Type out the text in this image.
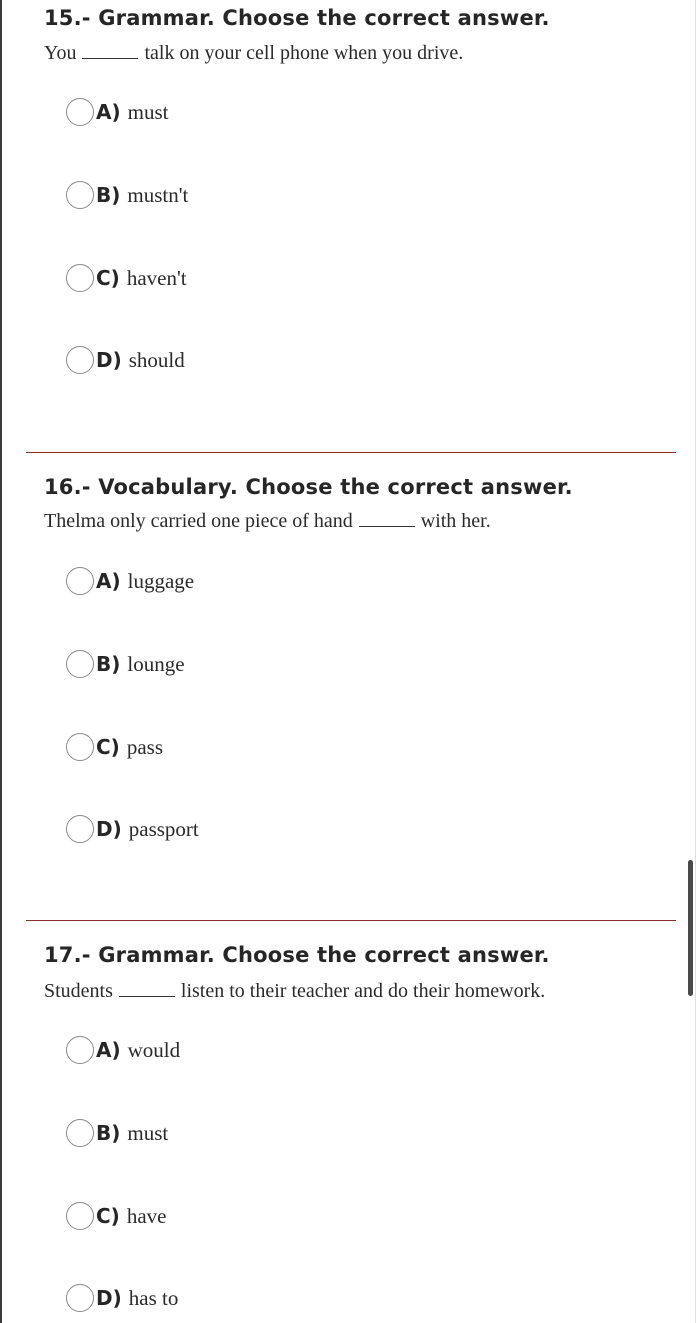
15.- Grammar. Choose the correct answer.

You	talk on your cell phone when you drive.

A) must
B) mustn't
C) haven't
D) should
16.- Vocabulary. Choose the correct answer.

Thelma only carried one piece of hand	with her.

A) luggage
B) lounge
C) pass
D) passport
17.- Grammar. Choose the correct answer.

Students	listen to their teacher and do their homework.

A) would
B) must
C) have
D) has to
